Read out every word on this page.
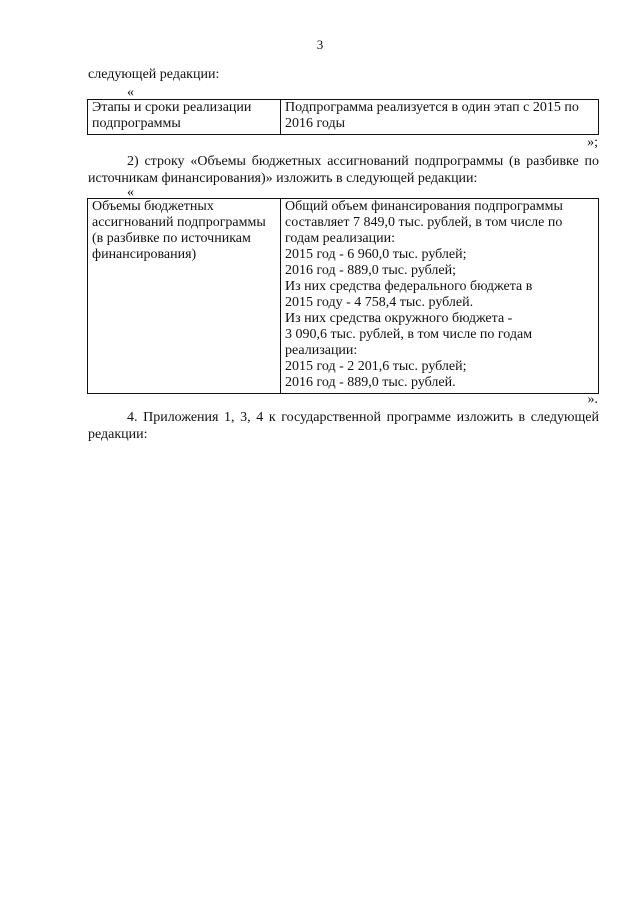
3
следующей редакции:
«
Этапы и сроки реализации
подпрограммы

Подпрограмма реализуется в один этап с 2015 по
2016 годы
»;
2) строку «Объемы бюджетных ассигнований подпрограммы (в разбивке по
источникам финансирования)» изложить в следующей редакции:
«
Объемы бюджетных
ассигнований подпрограммы
(в разбивке по источникам
финансирования)

Общий объем финансирования подпрограммы
составляет 7 849,0 тыс. рублей, в том числе по
годам реализации:
2015 год - 6 960,0 тыс. рублей;
2016 год - 889,0 тыс. рублей;
Из них средства федерального бюджета в
2015 году - 4 758,4 тыс. рублей.
Из них средства окружного бюджета -
3 090,6 тыс. рублей, в том числе по годам
реализации:
2015 год - 2 201,6 тыс. рублей;
2016 год - 889,0 тыс. рублей.
».
4. Приложения 1, 3, 4 к государственной программе изложить в следующей
редакции:
